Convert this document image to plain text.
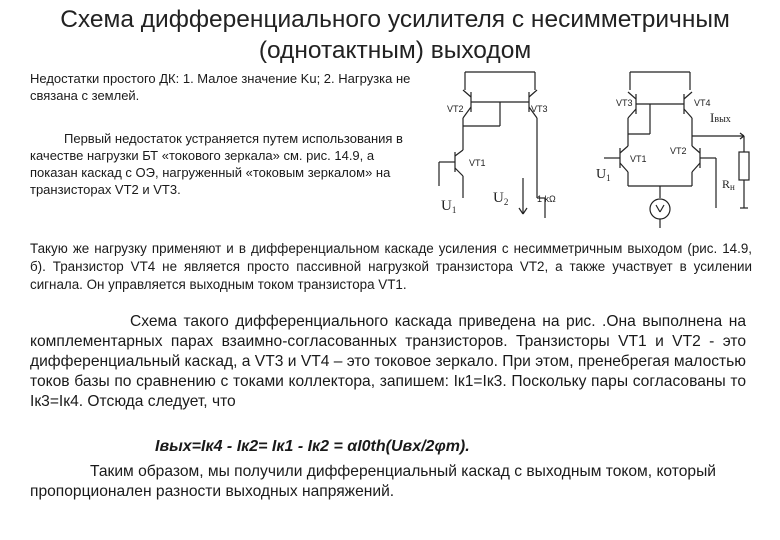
Схема дифференциального усилителя с несимметричным (однотактным) выходом

Недостатки простого ДК: 1. Малое значение Ku; 2. Нагрузка не связана с землей.

Первый недостаток устраняется путем использования в качестве нагрузки БТ «токового зеркала» см. рис. 14.9, а показан каскад с ОЭ, нагруженный «токовым зеркалом» на транзисторах VT2 и VT3.

VT2	VT3
VT1
$U_1$
$U_2$	1 kΩ
VT3	VT4
VT1
VT2
Iвых
$U_1$	Rн
Такую же нагрузку применяют и в дифференциальном каскаде усиления с несимметричным выходом (рис. 14.9, б). Транзистор VT4 не является просто пассивной нагрузкой транзистора VT2, а также участвует в усилении сигнала. Он управляется выходным током транзистора VT1.
Схема такого дифференциального каскада приведена на рис. .Она выполнена на комплементарных парах взаимно-согласованных транзисторов. Транзисторы VT1 и VT2 - это дифференциальный каскад, а VT3 и VT4 – это токовое зеркало. При этом, пренебрегая малостью токов базы по сравнению с токами коллектора, запишем: Iк1=Iк3. Поскольку пары согласованы то Iк3=Iк4. Отсюда следует, что
Iвых=Iк4 - Iк2= Iк1 - Iк2 = αI0th(Uвх/2φт).
Таким образом, мы получили дифференциальный каскад с выходным током, который пропорционален разности выходных напряжений.
